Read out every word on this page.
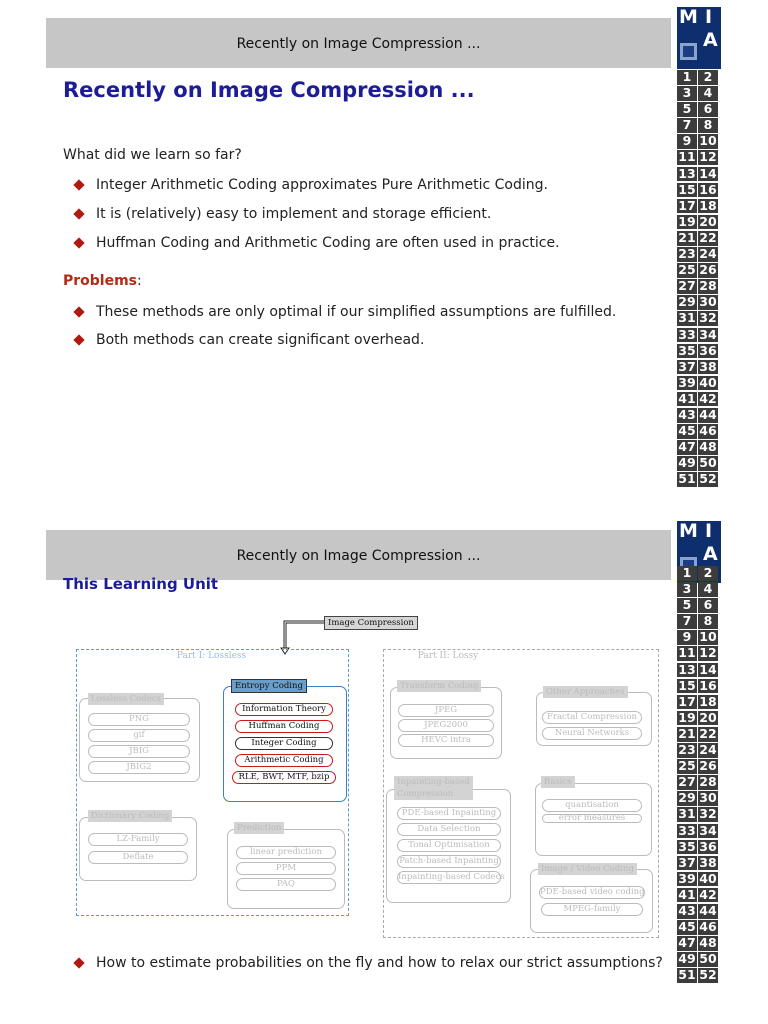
Recently on Image Compression ...
Recently on Image Compression ...
What did we learn so far?
Integer Arithmetic Coding approximates Pure Arithmetic Coding.
It is (relatively) easy to implement and storage efficient.
Huffman Coding and Arithmetic Coding are often used in practice.
Problems:
These methods are only optimal if our simplified assumptions are fulfilled.
Both methods can create significant overhead.
M I
A
1 2
3 4
5 6
7 8
9 10
11 12
13 14
15 16
17 18
19 20
21 22
23 24
25 26
27 28
29 30
31 32
33 34
35 36
37 38
39 40
41 42
43 44
45 46
47 48
49 50
51 52
Recently on Image Compression ...
This Learning Unit
Image Compression
Part I: Lossless	Part II: Lossy
Lossless Codecs
PNG
gif
JBIG
JBIG2
Dictionary Coding
LZ-Family
Deflate
Entropy Coding
Information Theory
Huffman Coding
Integer Coding
Arithmetic Coding
RLE, BWT, MTF, bzip
Prediction
linear prediction
PPM
PAQ
Transform Coding
JPEG
JPEG2000
HEVC intra
Other Approaches
Fractal Compression
Neural Networks
Inpainting-based
Compression
PDE-based Inpainting
Data Selection
Tonal Optimisation
Patch-based Inpainting
Inpainting-based Codecs
Basics
quantisation
error measures
Image / Video Coding
PDE-based video coding
MPEG-family
How to estimate probabilities on the fly and how to relax our strict assumptions?
M I
A
1 2
3 4
5 6
7 8
9 10
11 12
13 14
15 16
17 18
19 20
21 22
23 24
25 26
27 28
29 30
31 32
33 34
35 36
37 38
39 40
41 42
43 44
45 46
47 48
49 50
51 52
